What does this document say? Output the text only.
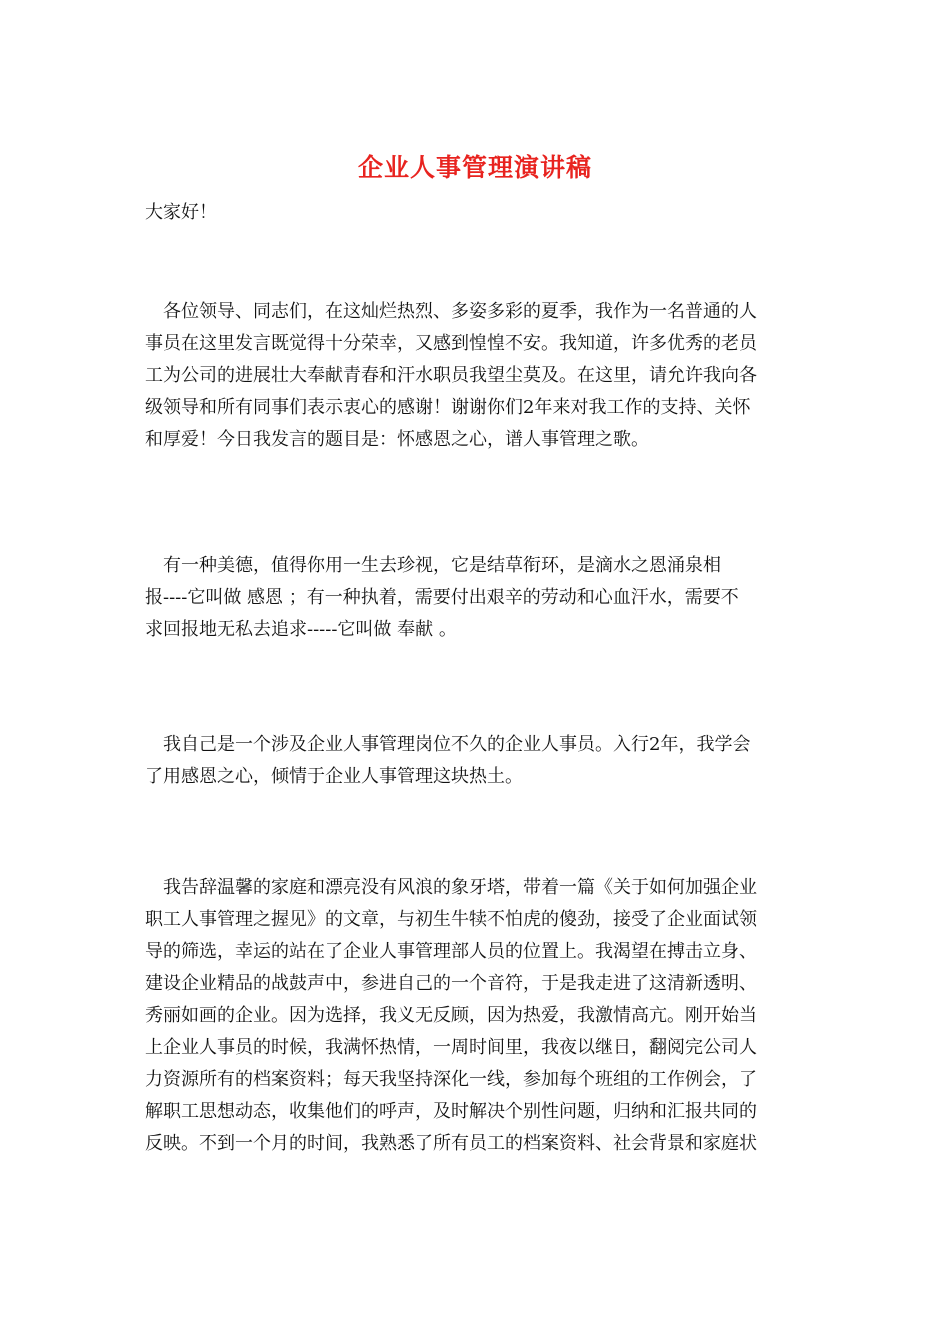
企业人事管理演讲稿
大家好！
　各位领导、同志们，在这灿烂热烈、多姿多彩的夏季，我作为一名普通的人
事员在这里发言既觉得十分荣幸，又感到惶惶不安。我知道，许多优秀的老员
工为公司的进展壮大奉献青春和汗水职员我望尘莫及。在这里，请允许我向各
级领导和所有同事们表示衷心的感谢！谢谢你们2年来对我工作的支持、关怀
和厚爱！今日我发言的题目是：怀感恩之心，谱人事管理之歌。
　有一种美德，值得你用一生去珍视，它是结草衔环，是滴水之恩涌泉相
报----它叫做 感恩 ；有一种执着，需要付出艰辛的劳动和心血汗水，需要不
求回报地无私去追求-----它叫做 奉献 。
　我自己是一个涉及企业人事管理岗位不久的企业人事员。入行2年，我学会
了用感恩之心，倾情于企业人事管理这块热土。
　我告辞温馨的家庭和漂亮没有风浪的象牙塔，带着一篇《关于如何加强企业
职工人事管理之握见》的文章，与初生牛犊不怕虎的傻劲，接受了企业面试领
导的筛选，幸运的站在了企业人事管理部人员的位置上。我渴望在搏击立身、
建设企业精品的战鼓声中，参进自己的一个音符，于是我走进了这清新透明、
秀丽如画的企业。因为选择，我义无反顾，因为热爱，我激情高亢。刚开始当
上企业人事员的时候，我满怀热情，一周时间里，我夜以继日，翻阅完公司人
力资源所有的档案资料；每天我坚持深化一线，参加每个班组的工作例会，了
解职工思想动态，收集他们的呼声，及时解决个别性问题，归纳和汇报共同的
反映。不到一个月的时间，我熟悉了所有员工的档案资料、社会背景和家庭状
